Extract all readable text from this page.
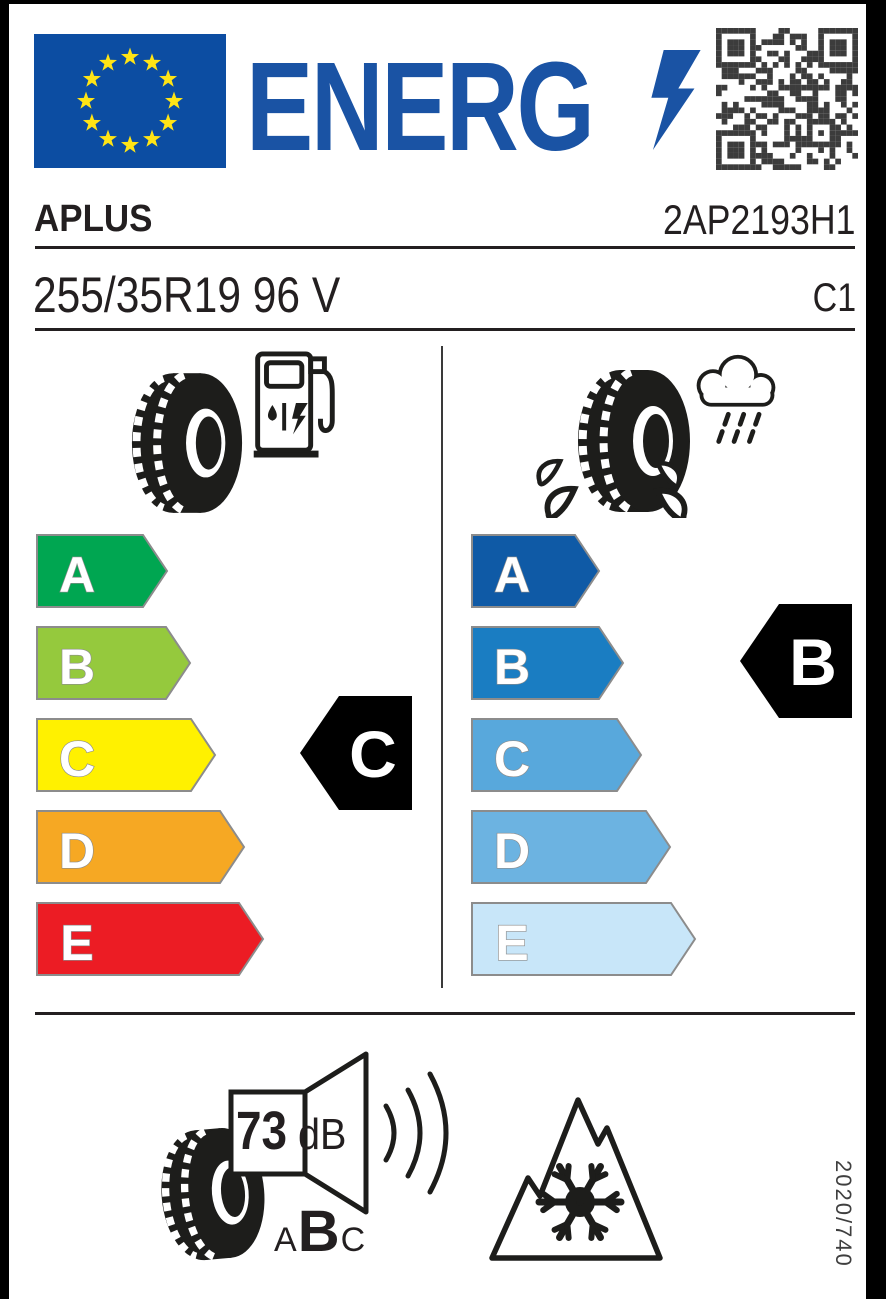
ENERG
APLUS	2AP2193H1
255/35R19 96 V	C1
A
B
C
D
E
C
A
B
C
D
E
B
73 dB
A B C	2020/740
